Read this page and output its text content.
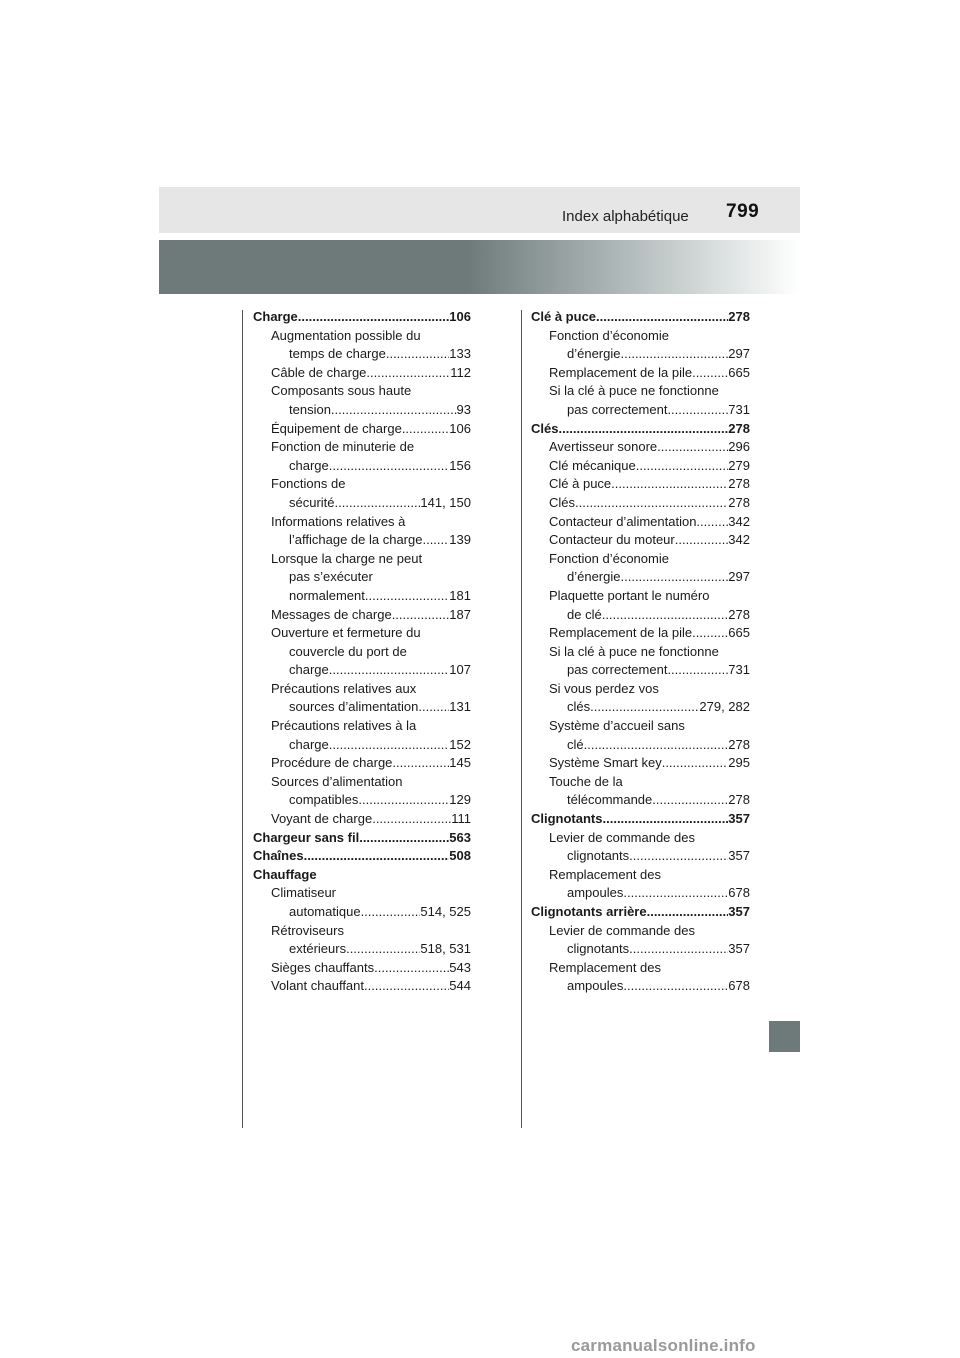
Index alphabétique 799
Charge .....	106
Augmentation possible du
temps de charge .....	133
Câble de charge .....	112
Composants sous haute
tension .....	93
Équipement de charge .....	106
Fonction de minuterie de
charge .....	156
Fonctions de
sécurité .....	141, 150
Informations relatives à
l’affichage de la charge ..... 139
Lorsque la charge ne peut
pas s’exécuter
normalement .....	181
Messages de charge .....	187
Ouverture et fermeture du
couvercle du port de
charge .....	107
Précautions relatives aux
sources d’alimentation ..... 131
Précautions relatives à la
charge .....	152
Procédure de charge .....	145
Sources d’alimentation
compatibles .....	129
Voyant de charge .....	111
Chargeur sans fil .....	563
Chaînes .....	508
Chauffage
Climatiseur
automatique .....	514, 525
Rétroviseurs
extérieurs .....	518, 531
Sièges chauffants .....	543
Volant chauffant .....	544
Clé à puce .....	278
Fonction d’économie
d’énergie .....	297
Remplacement de la pile .....	665
Si la clé à puce ne fonctionne
pas correctement .....	731
Clés .....	278
Avertisseur sonore .....	296
Clé mécanique .....	279
Clé à puce .....	278
Clés .....	278
Contacteur d’alimentation ..... 342
Contacteur du moteur .....	342
Fonction d’économie
d’énergie .....	297
Plaquette portant le numéro
de clé .....	278
Remplacement de la pile .....	665
Si la clé à puce ne fonctionne
pas correctement .....	731
Si vous perdez vos
clés .....	279, 282
Système d’accueil sans
clé .....	278
Système Smart key .....	295
Touche de la
télécommande .....	278
Clignotants .....	357
Levier de commande des
clignotants .....	357
Remplacement des
ampoules .....	678
Clignotants arrière .....	357
Levier de commande des
clignotants .....	357
Remplacement des
ampoules .....	678
carmanualsonline.info
